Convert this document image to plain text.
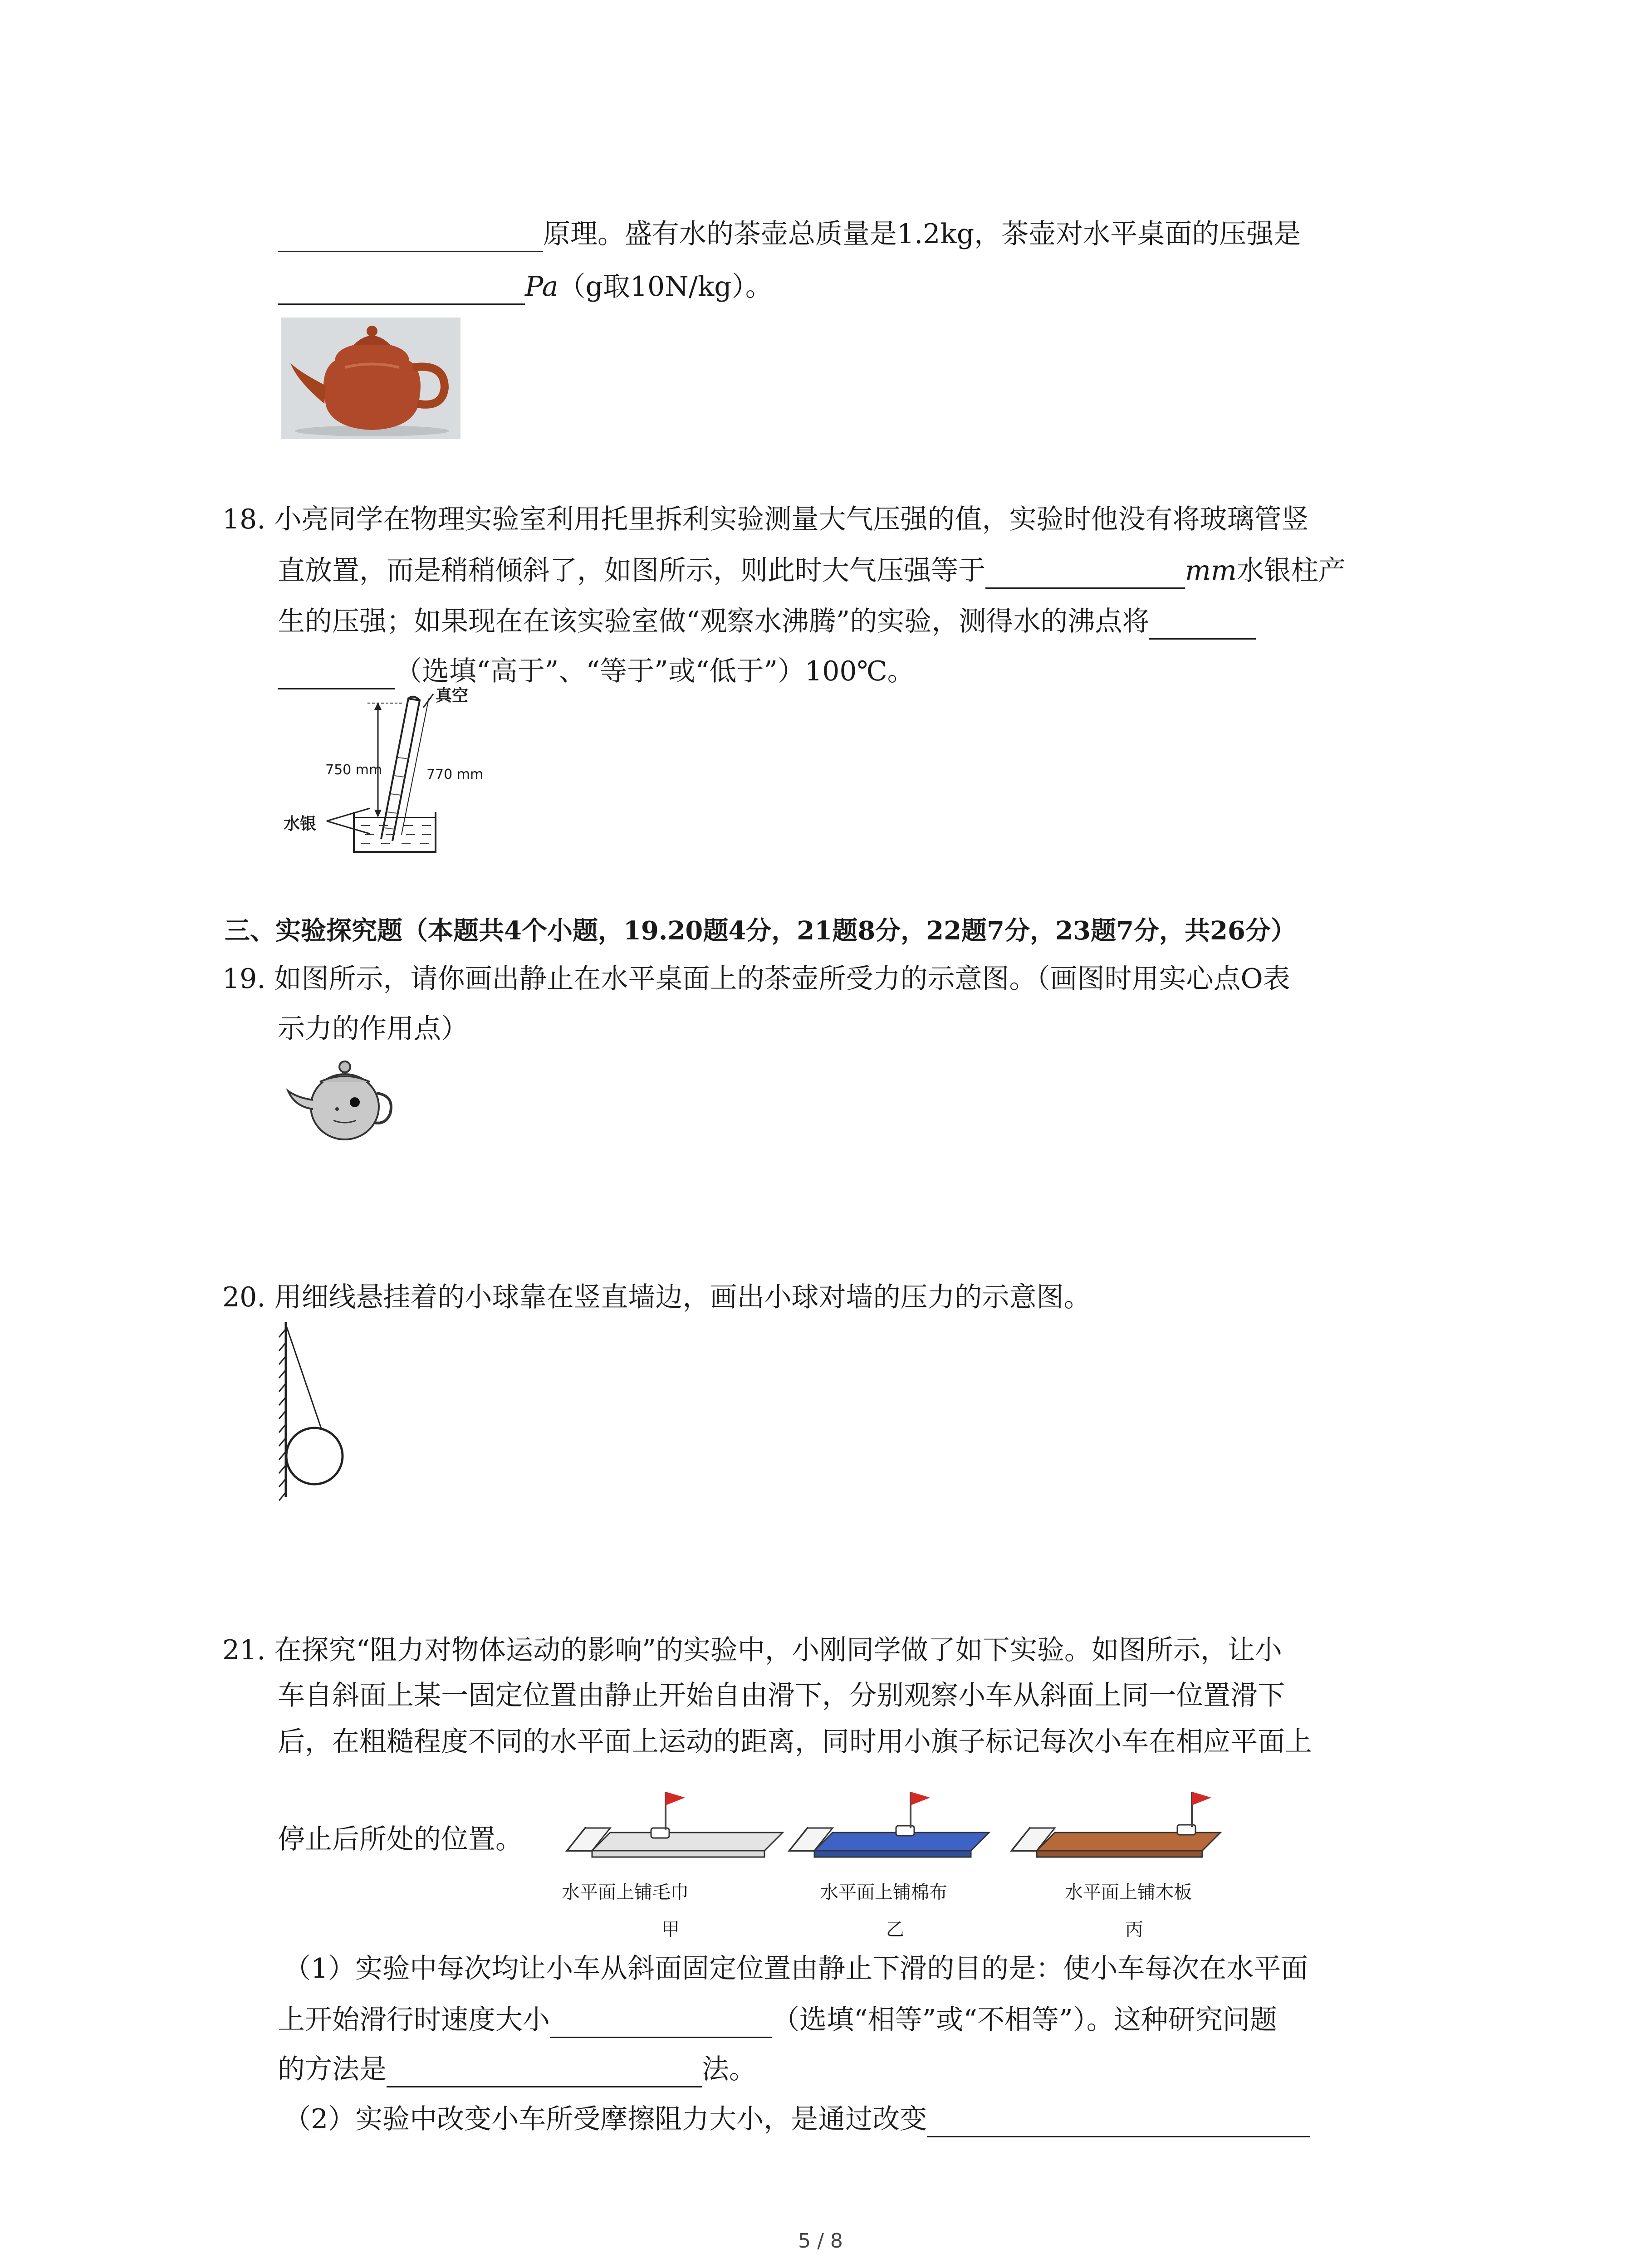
原理。盛有水的茶壶总质量是1.2kg，茶壶对水平桌面的压强是
Pa（g取10N/kg）。
18. 小亮同学在物理实验室利用托里拆利实验测量大气压强的值，实验时他没有将玻璃管竖
直放置，而是稍稍倾斜了，如图所示，则此时大气压强等于	mm水银柱产
生的压强；如果现在在该实验室做“观察水沸腾”的实验，测得水的沸点将
（选填“高于”、“等于”或“低于”）100℃。
真空
750 mm	770 mm
水银
三、实验探究题（本题共4个小题，19.20题4分，21题8分，22题7分，23题7分，共26分）
19. 如图所示，请你画出静止在水平桌面上的茶壶所受力的示意图。（画图时用实心点O表
示力的作用点）
20. 用细线悬挂着的小球靠在竖直墙边，画出小球对墙的压力的示意图。
21. 在探究“阻力对物体运动的影响”的实验中，小刚同学做了如下实验。如图所示，让小
车自斜面上某一固定位置由静止开始自由滑下，分别观察小车从斜面上同一位置滑下
后，在粗糙程度不同的水平面上运动的距离，同时用小旗子标记每次小车在相应平面上
停止后所处的位置。
水平面上铺毛巾	水平面上铺棉布	水平面上铺木板
甲	乙	丙
（1）实验中每次均让小车从斜面固定位置由静止下滑的目的是：使小车每次在水平面
上开始滑行时速度大小	（选填“相等”或“不相等”）。这种研究问题
的方法是	法。
（2）实验中改变小车所受摩擦阻力大小，是通过改变
5 / 8
